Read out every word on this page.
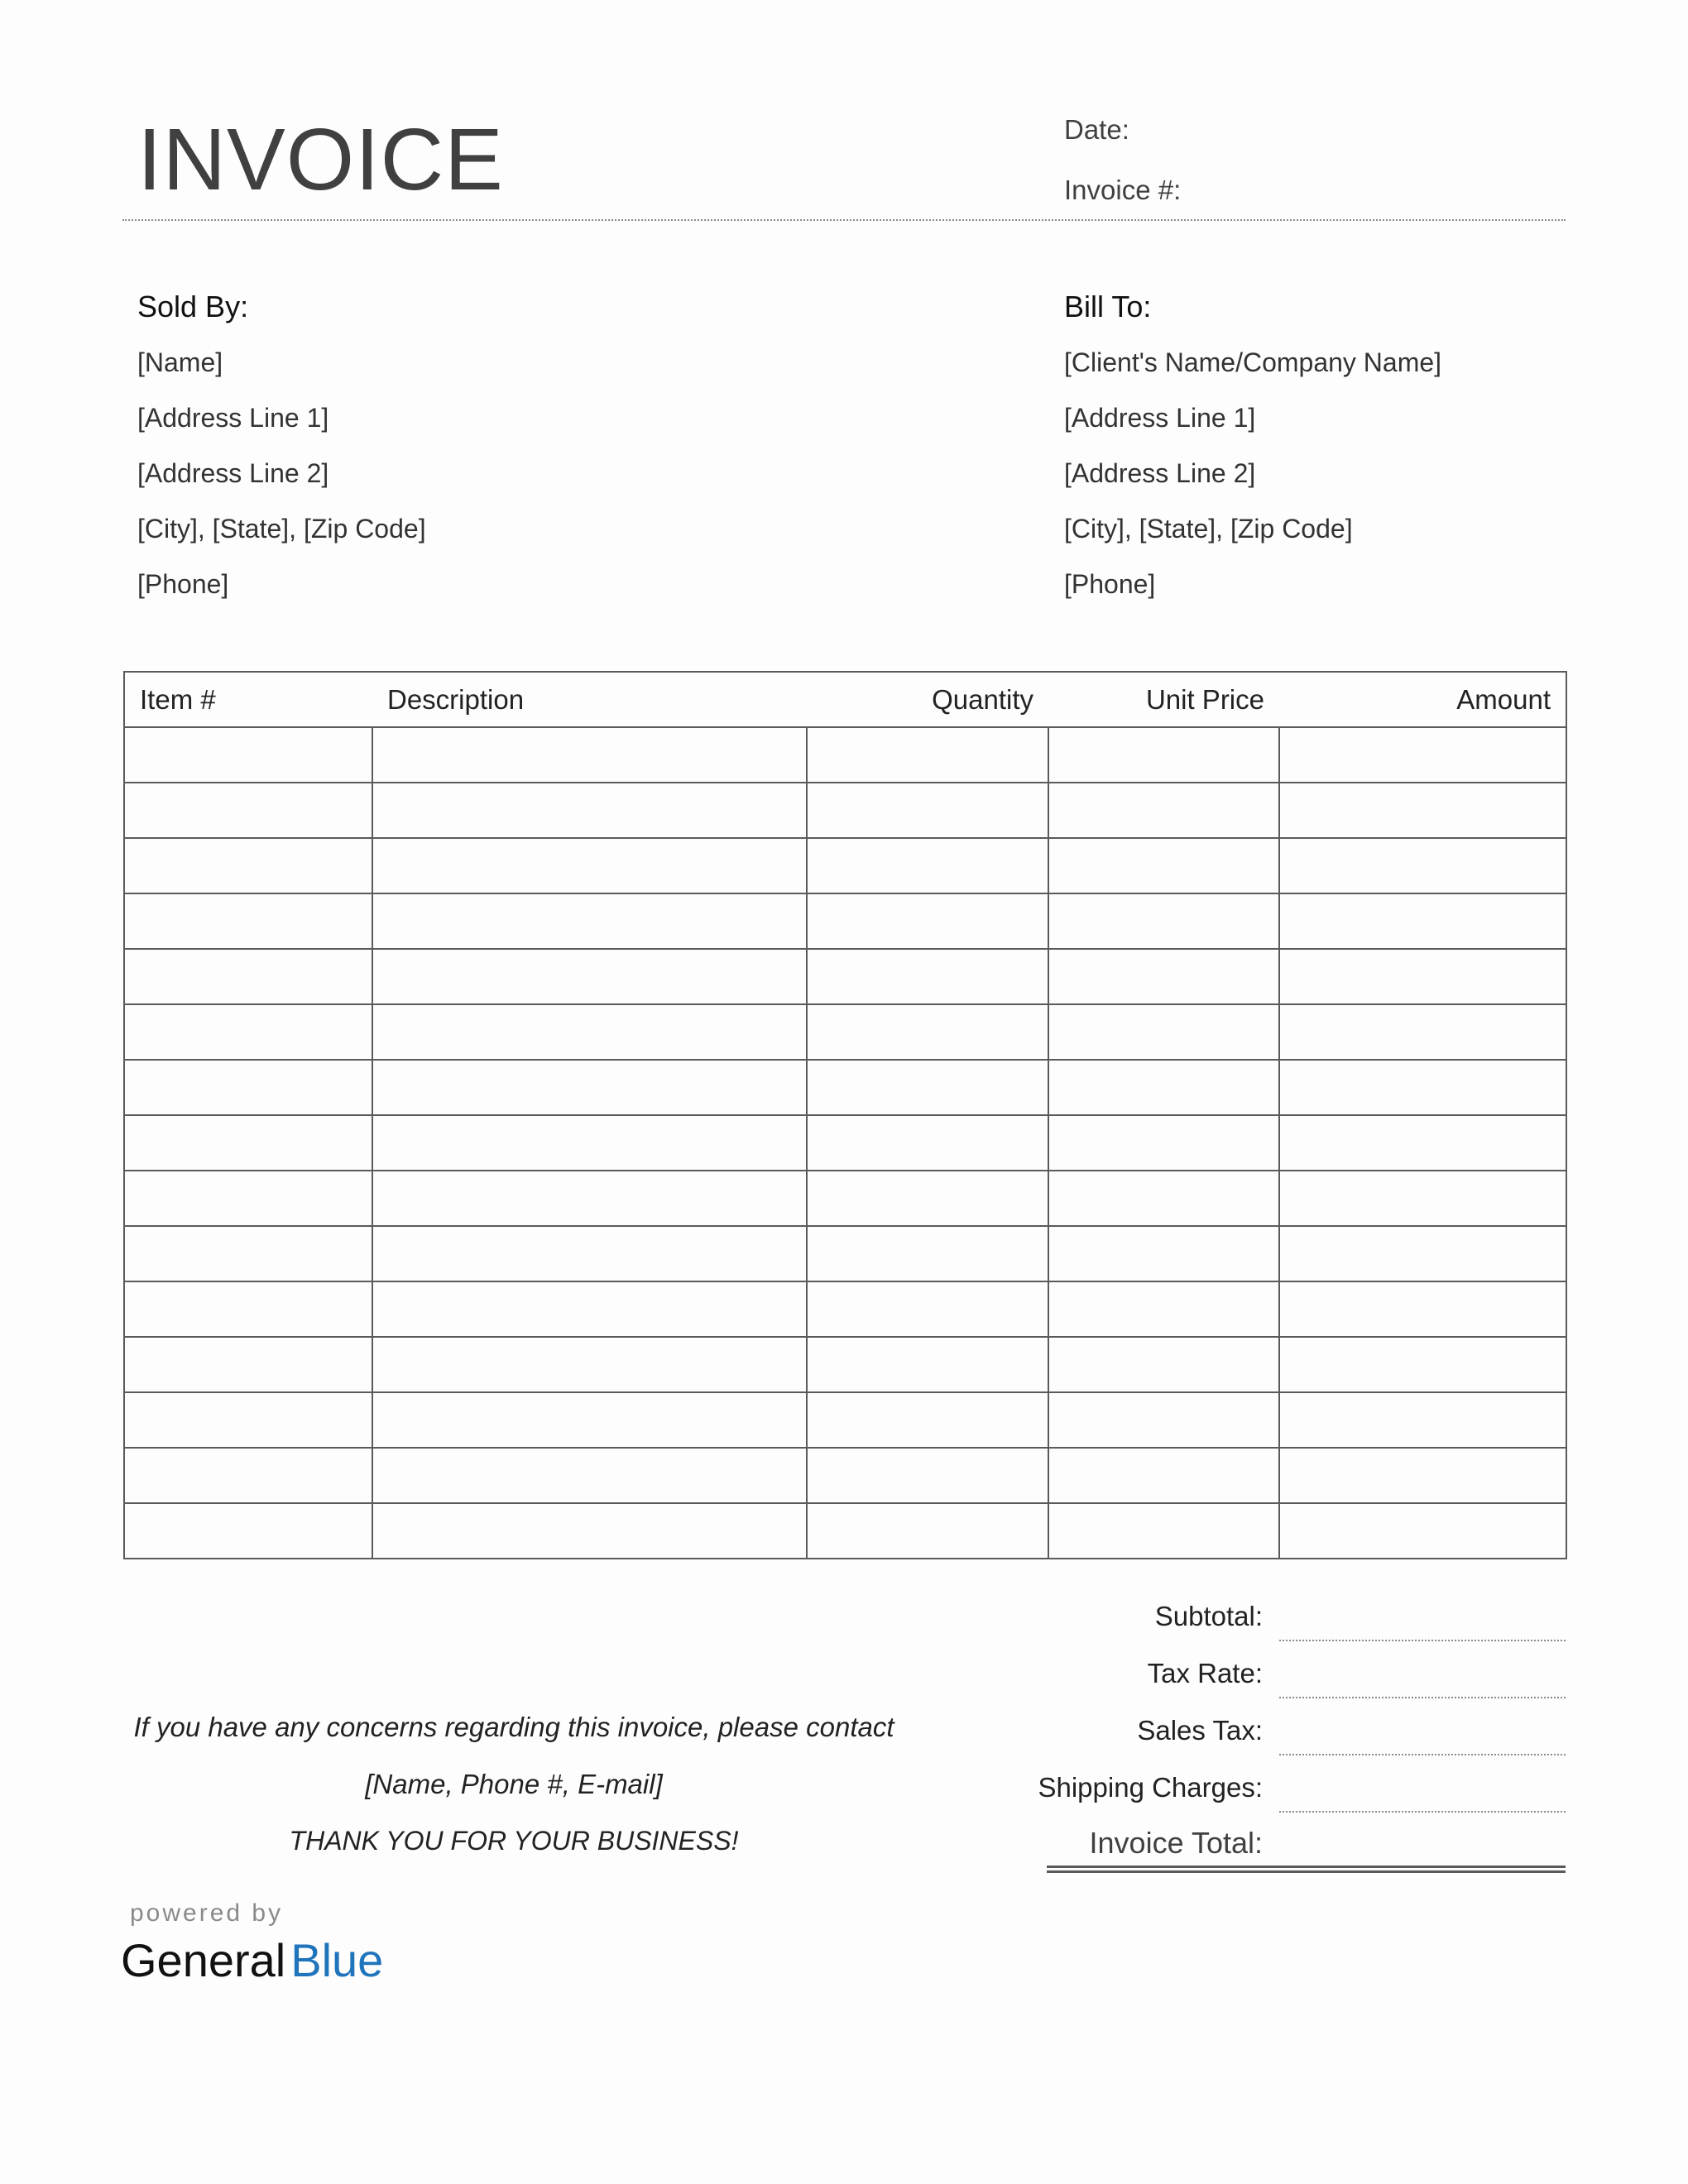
INVOICE	Date:
Invoice #:
Sold By:
[Name]
[Address Line 1]
[Address Line 2]
[City], [State], [Zip Code]
[Phone]
Bill To:
[Client's Name/Company Name]
[Address Line 1]
[Address Line 2]
[City], [State], [Zip Code]
[Phone]
Item #	Description	Quantity	Unit Price	Amount

Subtotal:
Tax Rate:
Sales Tax:
Shipping Charges:
Invoice Total:
If you have any concerns regarding this invoice, please contact
[Name, Phone #, E-mail]
THANK YOU FOR YOUR BUSINESS!
powered by
General Blue
